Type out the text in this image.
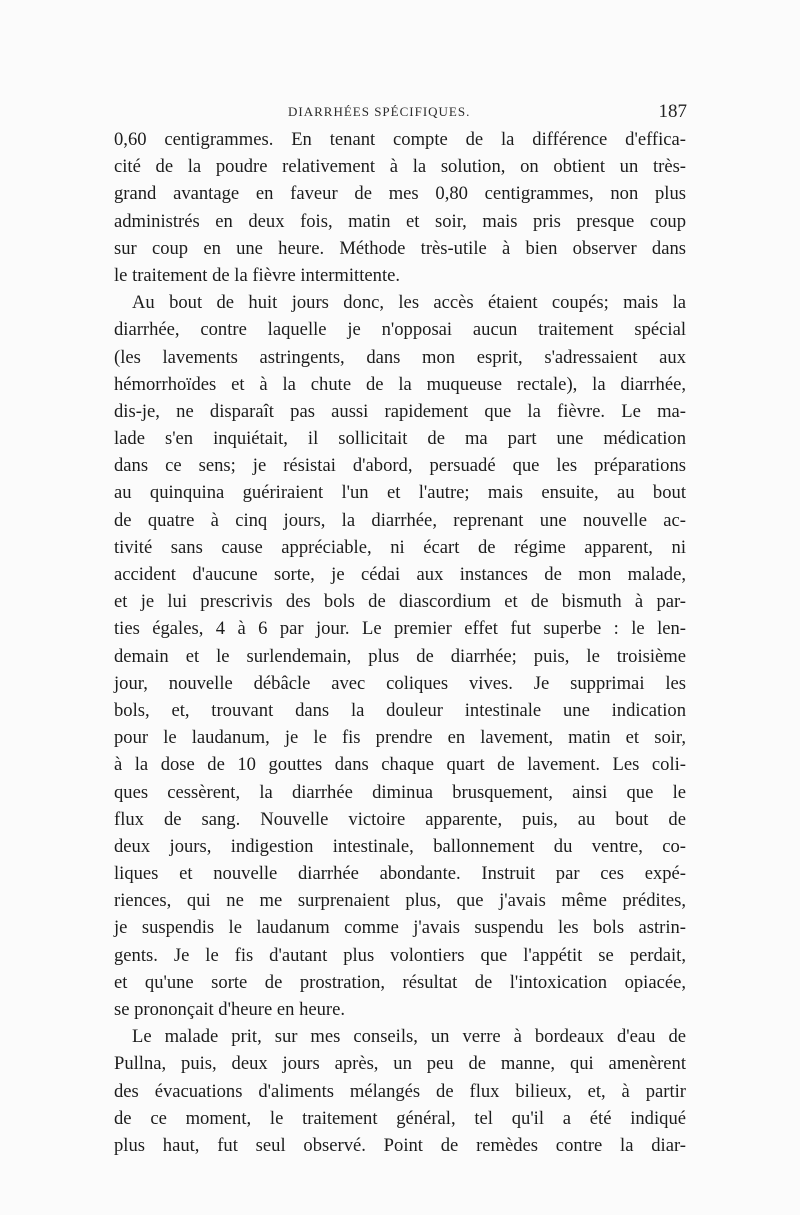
DIARRHÉES SPÉCIFIQUES.	187
0,60 centigrammes. En tenant compte de la différence d'effica-
cité de la poudre relativement à la solution, on obtient un très-
grand avantage en faveur de mes 0,80 centigrammes, non plus
administrés en deux fois, matin et soir, mais pris presque coup
sur coup en une heure. Méthode très-utile à bien observer dans
le traitement de la fièvre intermittente.
Au bout de huit jours donc, les accès étaient coupés; mais la
diarrhée, contre laquelle je n'opposai aucun traitement spécial
(les lavements astringents, dans mon esprit, s'adressaient aux
hémorrhoïdes et à la chute de la muqueuse rectale), la diarrhée,
dis-je, ne disparaît pas aussi rapidement que la fièvre. Le ma-
lade s'en inquiétait, il sollicitait de ma part une médication
dans ce sens; je résistai d'abord, persuadé que les préparations
au quinquina guériraient l'un et l'autre; mais ensuite, au bout
de quatre à cinq jours, la diarrhée, reprenant une nouvelle ac-
tivité sans cause appréciable, ni écart de régime apparent, ni
accident d'aucune sorte, je cédai aux instances de mon malade,
et je lui prescrivis des bols de diascordium et de bismuth à par-
ties égales, 4 à 6 par jour. Le premier effet fut superbe : le len-
demain et le surlendemain, plus de diarrhée; puis, le troisième
jour, nouvelle débâcle avec coliques vives. Je supprimai les
bols, et, trouvant dans la douleur intestinale une indication
pour le laudanum, je le fis prendre en lavement, matin et soir,
à la dose de 10 gouttes dans chaque quart de lavement. Les coli-
ques cessèrent, la diarrhée diminua brusquement, ainsi que le
flux de sang. Nouvelle victoire apparente, puis, au bout de
deux jours, indigestion intestinale, ballonnement du ventre, co-
liques et nouvelle diarrhée abondante. Instruit par ces expé-
riences, qui ne me surprenaient plus, que j'avais même prédites,
je suspendis le laudanum comme j'avais suspendu les bols astrin-
gents. Je le fis d'autant plus volontiers que l'appétit se perdait,
et qu'une sorte de prostration, résultat de l'intoxication opiacée,
se prononçait d'heure en heure.
Le malade prit, sur mes conseils, un verre à bordeaux d'eau de
Pullna, puis, deux jours après, un peu de manne, qui amenèrent
des évacuations d'aliments mélangés de flux bilieux, et, à partir
de ce moment, le traitement général, tel qu'il a été indiqué
plus haut, fut seul observé. Point de remèdes contre la diar-
